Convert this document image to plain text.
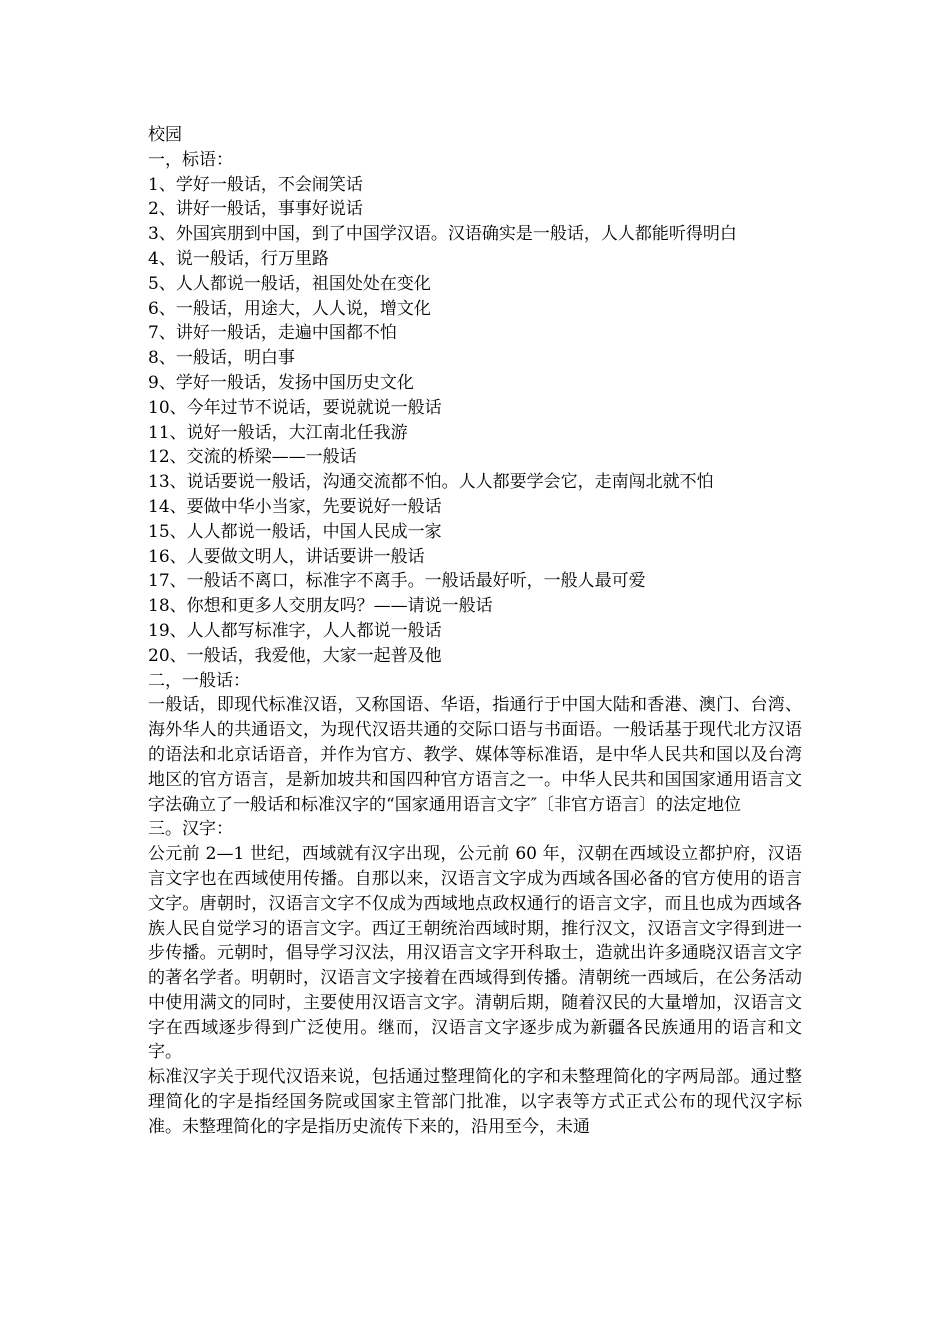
校园

一，标语：

1、学好一般话，不会闹笑话
2、讲好一般话，事事好说话
3、外国宾朋到中国，到了中国学汉语。汉语确实是一般话，人人都能听得明白
4、说一般话，行万里路
5、人人都说一般话，祖国处处在变化
6、一般话，用途大，人人说，增文化
7、讲好一般话，走遍中国都不怕
8、一般话，明白事
9、学好一般话，发扬中国历史文化
10、今年过节不说话，要说就说一般话
11、说好一般话，大江南北任我游
12、交流的桥梁——一般话
13、说话要说一般话，沟通交流都不怕。人人都要学会它，走南闯北就不怕
14、要做中华小当家，先要说好一般话
15、人人都说一般话，中国人民成一家
16、人要做文明人，讲话要讲一般话
17、一般话不离口，标准字不离手。一般话最好听，一般人最可爱
18、你想和更多人交朋友吗？——请说一般话
19、人人都写标准字，人人都说一般话
20、一般话，我爱他，大家一起普及他

二，一般话：

一般话，即现代标准汉语，又称国语、华语，指通行于中国大陆和香港、澳门、台湾、海外华人的共通语文，为现代汉语共通的交际口语与书面语。一般话基于现代北方汉语的语法和北京话语音，并作为官方、教学、媒体等标准语，是中华人民共和国以及台湾地区的官方语言，是新加坡共和国四种官方语言之一。中华人民共和国国家通用语言文字法确立了一般话和标准汉字的“国家通用语言文字″〔非官方语言〕的法定地位

三。汉字：

公元前 2—1 世纪，西域就有汉字出现，公元前 60 年，汉朝在西域设立都护府，汉语言文字也在西域使用传播。自那以来，汉语言文字成为西域各国必备的官方使用的语言文字。唐朝时，汉语言文字不仅成为西域地点政权通行的语言文字，而且也成为西域各族人民自觉学习的语言文字。西辽王朝统治西域时期，推行汉文，汉语言文字得到进一步传播。元朝时，倡导学习汉法，用汉语言文字开科取士，造就出许多通晓汉语言文字的著名学者。明朝时，汉语言文字接着在西域得到传播。清朝统一西域后，在公务活动中使用满文的同时，主要使用汉语言文字。清朝后期，随着汉民的大量增加，汉语言文字在西域逐步得到广泛使用。继而，汉语言文字逐步成为新疆各民族通用的语言和文字。

标准汉字关于现代汉语来说，包括通过整理简化的字和未整理简化的字两局部。通过整理简化的字是指经国务院或国家主管部门批准，以字表等方式正式公布的现代汉字标准。未整理简化的字是指历史流传下来的，沿用至今，未通
